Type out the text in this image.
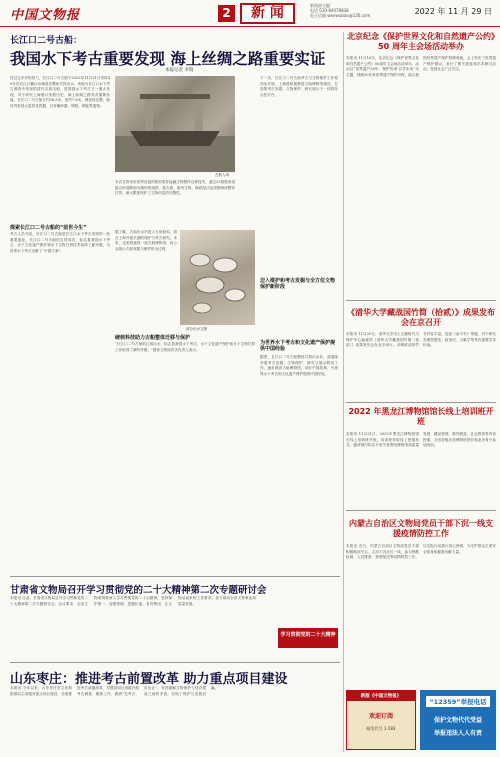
中国文物报	2	新 闻	新闻部主编
电话 010-84078838
电子信箱 wenwubao@126.com	2022 年 11 月 29 日
长江口二号古船：
我国水下考古重要发现 海上丝绸之路重要实证
本报记者 李瑞
经过五年多的努力，长江口二号古船于2022年11月21日零时40分在长江口横沙水域成功整体打捞出水。该船为长江口水下考古调查中发现的清代木质沉船，是我国水下考古又一重大发现，对于研究上海港口发展历史、海上丝绸之路具有重要价值。长江口二号古船长约38.5米，宽约7.8米，保存较完整，船体内发现大量青花瓷器，另有紫砂器、铜钱、铜锭等遗物。
探索长江口二号古船的“前世今生”
考古人员介绍，长江口二号古船是长江口水下考古发现的一处重要遗址。长江口二号古船的打捞成功，标志着我国水下考古、水下文化遗产保护和水下文物打捞技术取得了新突破，为世界水下考古贡献了“中国方案”。
古船入坞
本次打捞采用世界首创的弧形梁非接触文物整体迁移技术，通过22根弧形梁组合形成断面为圆形的梁排，将古船、船内文物、海底泥沙及周围海床整体打捞，最大限度保护了文物信息的完整性。
部分出水文物
据了解，古船出水后进入专用船坞，将在上海开展长期的保护与考古研究。未来，这里将建成一座古船博物馆，向公众展示古船发掘与保护的全过程。
硬核科技助力古船整体迁移与保护
“长江口二号古船的打捞出水，标志着我国水下考古、水下文化遗产保护和水下文物打捞工作取得了新的突破。”国家文物局有关负责人表示。
为世界水下考古和文化遗产保护提供中国经验
据悉，长江口二号古船整体打捞出水后，将继续开展考古发掘、文物保护、研究与展示利用工作，逐步建设古船博物馆，讲好中国故事，为世界水下考古和文化遗产保护提供中国经验。
下一步，长江口二号古船考古与文物保护工作将同步开展，上海将积极推进古船博物馆建设，打造集考古发掘、文物保护、研究展示于一体的综合性平台。
迈入维护和考古发掘与全方位文物保护新阶段
甘肃省文物局召开学习贯彻党的二十大精神第二次专题研讨会
本报讯 日前，甘肃省文物局召开学习贯彻党的二十大精神第二次专题研讨会。会议要求，全省文物系统要深入学习贯彻党的二十大精神，坚持保护第一、加强管理、挖掘价值、有效利用、让文物活起来的工作要求，奋力推动全省文物事业高质量发展。
山东枣庄：推进考古前置改革 助力重点项目建设
本报讯 今年以来，山东枣庄市文化和旅游局主动服务重点项目建设，全面推进考古前置改革，对建设项目用地开展考古调查、勘探工作，做到“先考古、后出让”，有效破解文物保护与经济建设之间的矛盾，实现了保护与发展双赢。
学习贯彻党的二十大精神
北京纪念《保护世界文化和自然遗产公约》50 周年主会场活动举办
本报讯 11月16日，北京纪念《保护世界文化和自然遗产公约》50周年主会场活动举办。活动以“世界遗产50年：保护传承·共享未来”为主题，回顾50年来世界遗产保护历程，展示我国世界遗产保护管理成就。会上发布了世界遗产保护倡议，举行了相关展览和学术研讨活动，受到社会广泛关注。
《清华大学藏战国竹简（拾贰）》成果发布会在京召开
本报讯 11月25日，清华大学出土文献研究与保护中心编著的《清华大学藏战国竹简（拾贰）》成果发布会在北京举行。本辑收录的竹书内容丰富，包括《参不韦》等篇，对于研究先秦思想史、政治史、文献学等具有重要学术价值。
2022 年黑龙江博物馆馆长线上培训班开班
本报讯 11月21日，2022年黑龙江博物馆馆长线上培训班开班。培训班采取线上授课形式，邀请国内知名专家学者围绕博物馆高质量发展、藏品管理、陈列展览、社会教育等内容授课，全省各级各类博物馆馆长和业务骨干参加培训。
内蒙古自治区文物局党员干部下沉一线支援疫情防控工作
本报讯 近日，内蒙古自治区文物局党员干部积极响应号召，主动下沉社区一线，参与核酸检测、人员排查、物资配送等疫情防控工作，以实际行动践行初心使命，为守护群众生命安全和身体健康贡献力量。
新版《中国文物报》
欢迎订阅
邮发代号 1-183
“12359”举报电话
保护文物代代受益
举报违法人人有责
